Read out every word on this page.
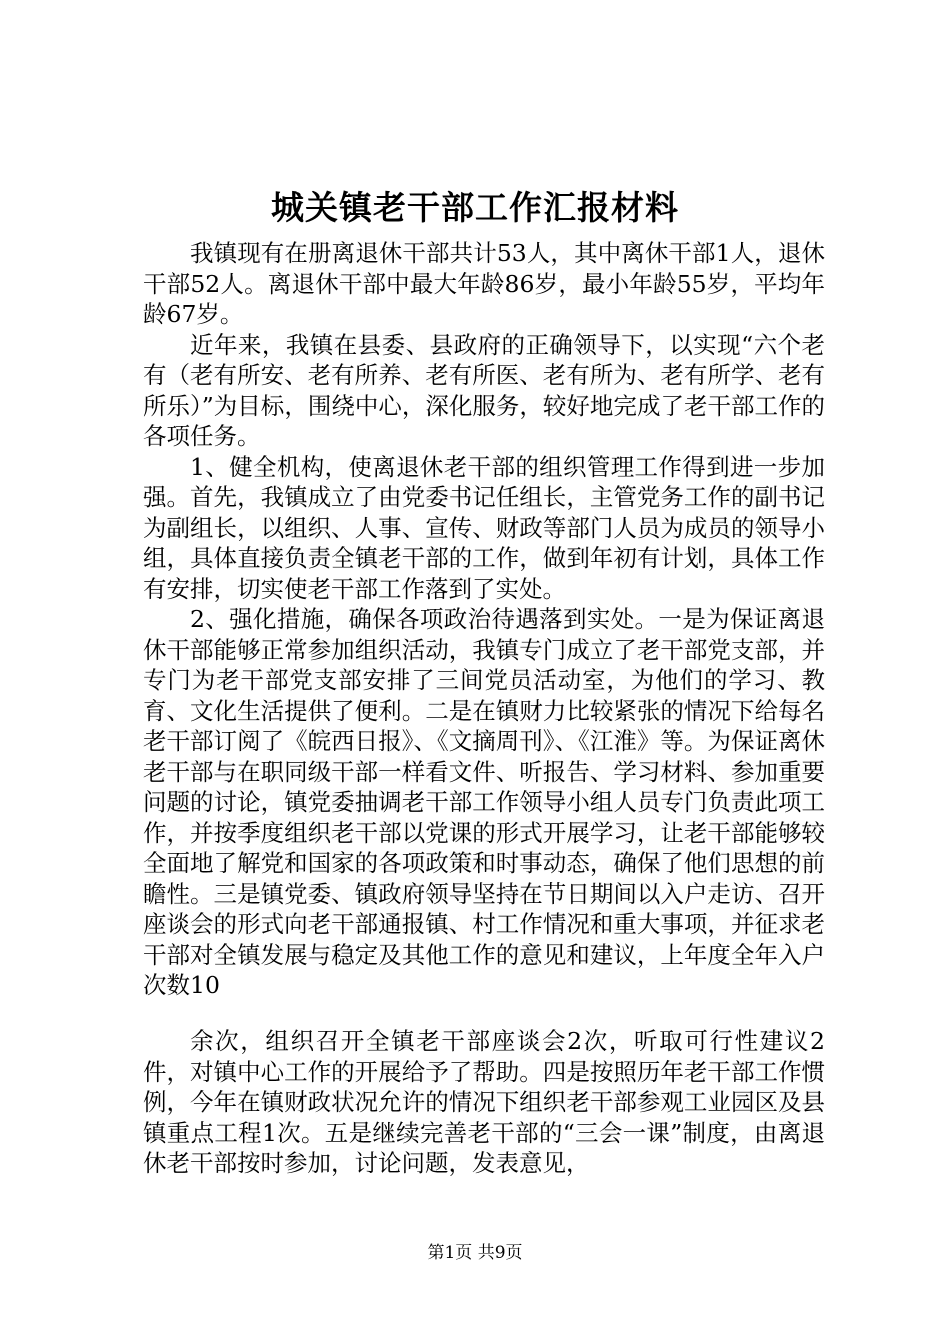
城关镇老干部工作汇报材料

我镇现有在册离退休干部共计53人，其中离休干部1人，退休干部52人。离退休干部中最大年龄86岁，最小年龄55岁，平均年龄67岁。

近年来，我镇在县委、县政府的正确领导下，以实现“六个老有（老有所安、老有所养、老有所医、老有所为、老有所学、老有所乐）”为目标，围绕中心，深化服务，较好地完成了老干部工作的各项任务。

1、健全机构，使离退休老干部的组织管理工作得到进一步加强。首先，我镇成立了由党委书记任组长，主管党务工作的副书记为副组长，以组织、人事、宣传、财政等部门人员为成员的领导小组，具体直接负责全镇老干部的工作，做到年初有计划，具体工作有安排，切实使老干部工作落到了实处。

2、强化措施，确保各项政治待遇落到实处。一是为保证离退休干部能够正常参加组织活动，我镇专门成立了老干部党支部，并专门为老干部党支部安排了三间党员活动室，为他们的学习、教育、文化生活提供了便利。二是在镇财力比较紧张的情况下给每名老干部订阅了《皖西日报》、《文摘周刊》、《江淮》等。为保证离休老干部与在职同级干部一样看文件、听报告、学习材料、参加重要问题的讨论，镇党委抽调老干部工作领导小组人员专门负责此项工作，并按季度组织老干部以党课的形式开展学习，让老干部能够较全面地了解党和国家的各项政策和时事动态，确保了他们思想的前瞻性。三是镇党委、镇政府领导坚持在节日期间以入户走访、召开座谈会的形式向老干部通报镇、村工作情况和重大事项，并征求老干部对全镇发展与稳定及其他工作的意见和建议，上年度全年入户次数10

余次，组织召开全镇老干部座谈会2次，听取可行性建议2件，对镇中心工作的开展给予了帮助。四是按照历年老干部工作惯例，今年在镇财政状况允许的情况下组织老干部参观工业园区及县镇重点工程1次。五是继续完善老干部的“三会一课”制度，由离退休老干部按时参加，讨论问题，发表意见，

第1页 共9页
